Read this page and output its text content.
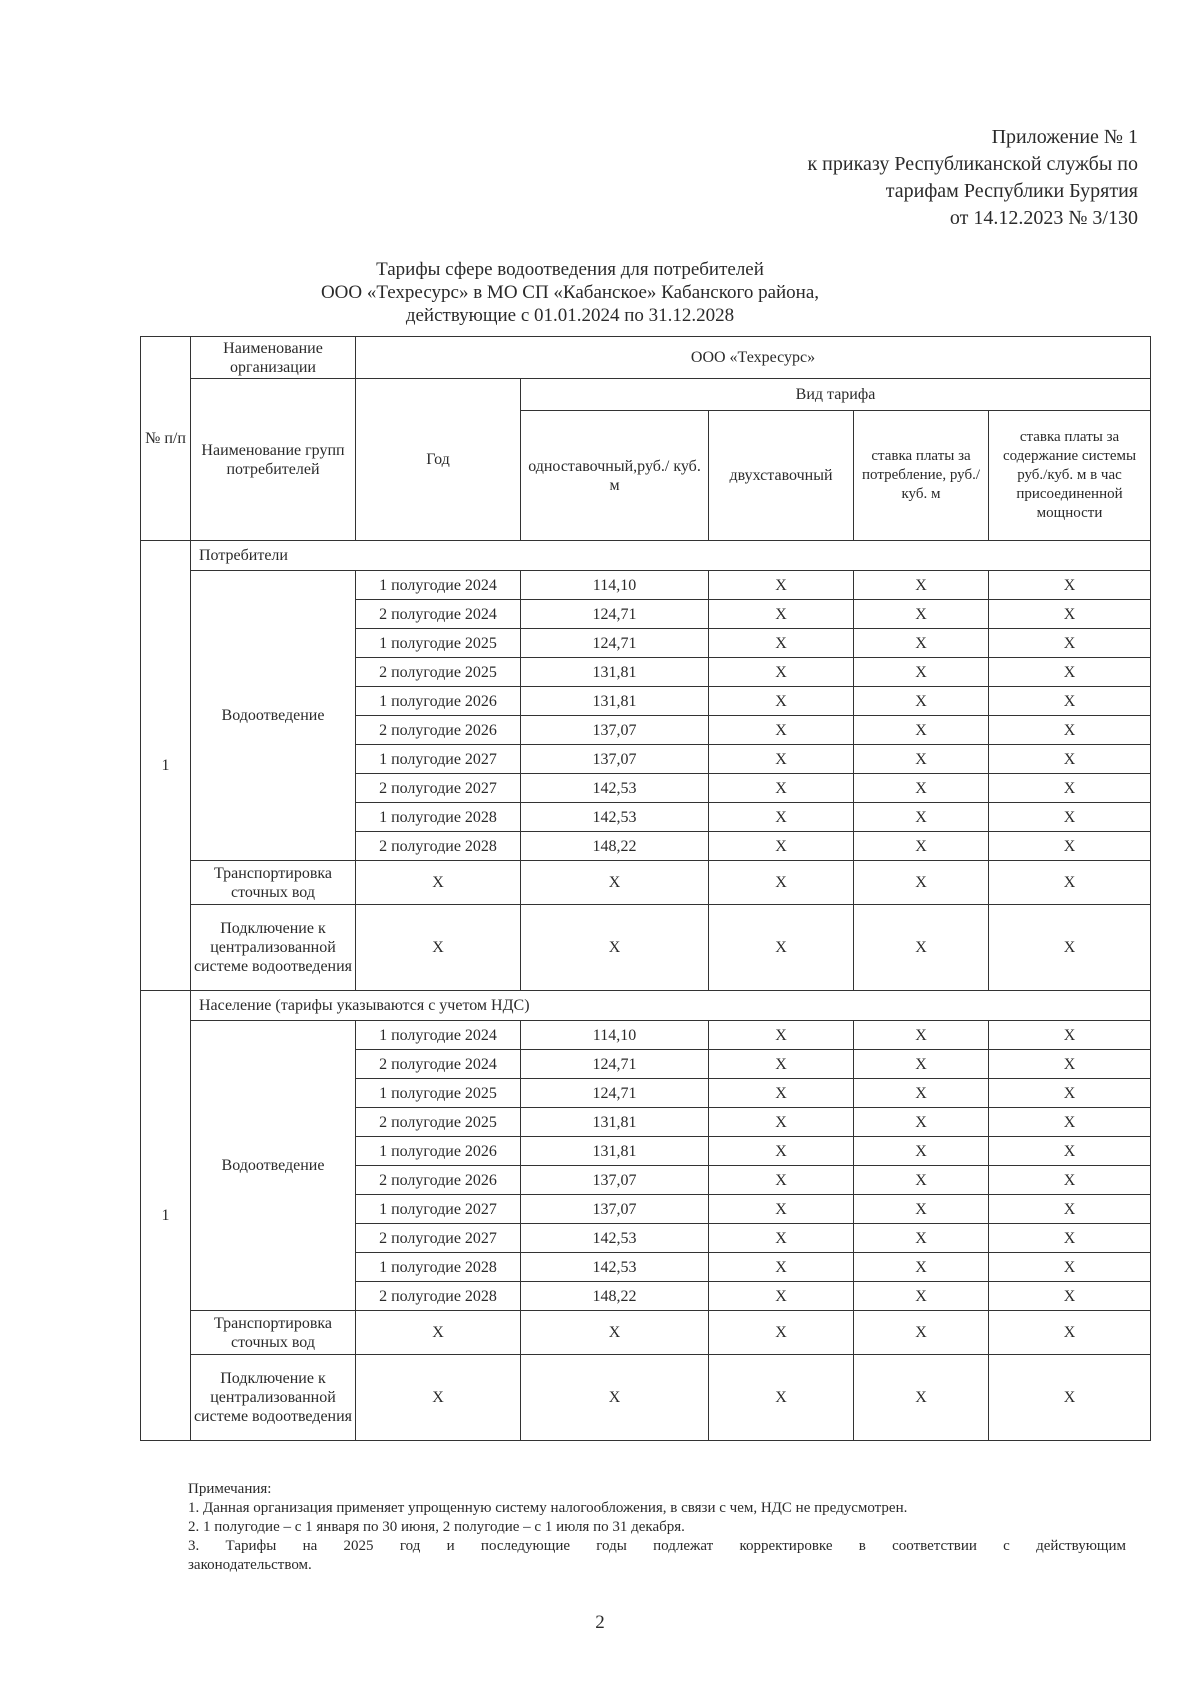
Приложение № 1
к приказу Республиканской службы по
тарифам Республики Бурятия
от 14.12.2023 № 3/130
Тарифы сфере водоотведения для потребителей
ООО «Техресурс» в МО СП «Кабанское» Кабанского района,
действующие с 01.01.2024 по 31.12.2028
№ п/п	Наименование организации	ООО «Техресурс»				
	Наименование групп потребителей	Год	Вид тарифа			
			одноставочный,руб./ куб. м	двухставочный	ставка платы за потребление, руб./куб. м	ставка платы за содержание системы руб./куб. м в час присоединенной мощности
1	Потребители					
	Водоотведение	1 полугодие 2024	114,10	X	X	X
		2 полугодие 2024	124,71	X	X	X
		1 полугодие 2025	124,71	X	X	X
		2 полугодие 2025	131,81	X	X	X
		1 полугодие 2026	131,81	X	X	X
		2 полугодие 2026	137,07	X	X	X
		1 полугодие 2027	137,07	X	X	X
		2 полугодие 2027	142,53	X	X	X
		1 полугодие 2028	142,53	X	X	X
		2 полугодие 2028	148,22	X	X	X
	Транспортировка сточных вод	X	X	X	X	X
	Подключение к централизованной системе водоотведения	X	X	X	X	X
1	Население (тарифы указываются с учетом НДС)					
	Водоотведение	1 полугодие 2024	114,10	X	X	X
		2 полугодие 2024	124,71	X	X	X
		1 полугодие 2025	124,71	X	X	X
		2 полугодие 2025	131,81	X	X	X
		1 полугодие 2026	131,81	X	X	X
		2 полугодие 2026	137,07	X	X	X
		1 полугодие 2027	137,07	X	X	X
		2 полугодие 2027	142,53	X	X	X
		1 полугодие 2028	142,53	X	X	X
		2 полугодие 2028	148,22	X	X	X
	Транспортировка сточных вод	X	X	X	X	X
	Подключение к централизованной системе водоотведения	X	X	X	X	X
Примечания:
1. Данная организация применяет упрощенную систему налогообложения, в связи с чем, НДС не предусмотрен.
2. 1 полугодие – с 1 января по 30 июня, 2 полугодие – с 1 июля по 31 декабря.
3. Тарифы на 2025 год и последующие годы подлежат корректировке в соответствии с действующим
законодательством.
2
